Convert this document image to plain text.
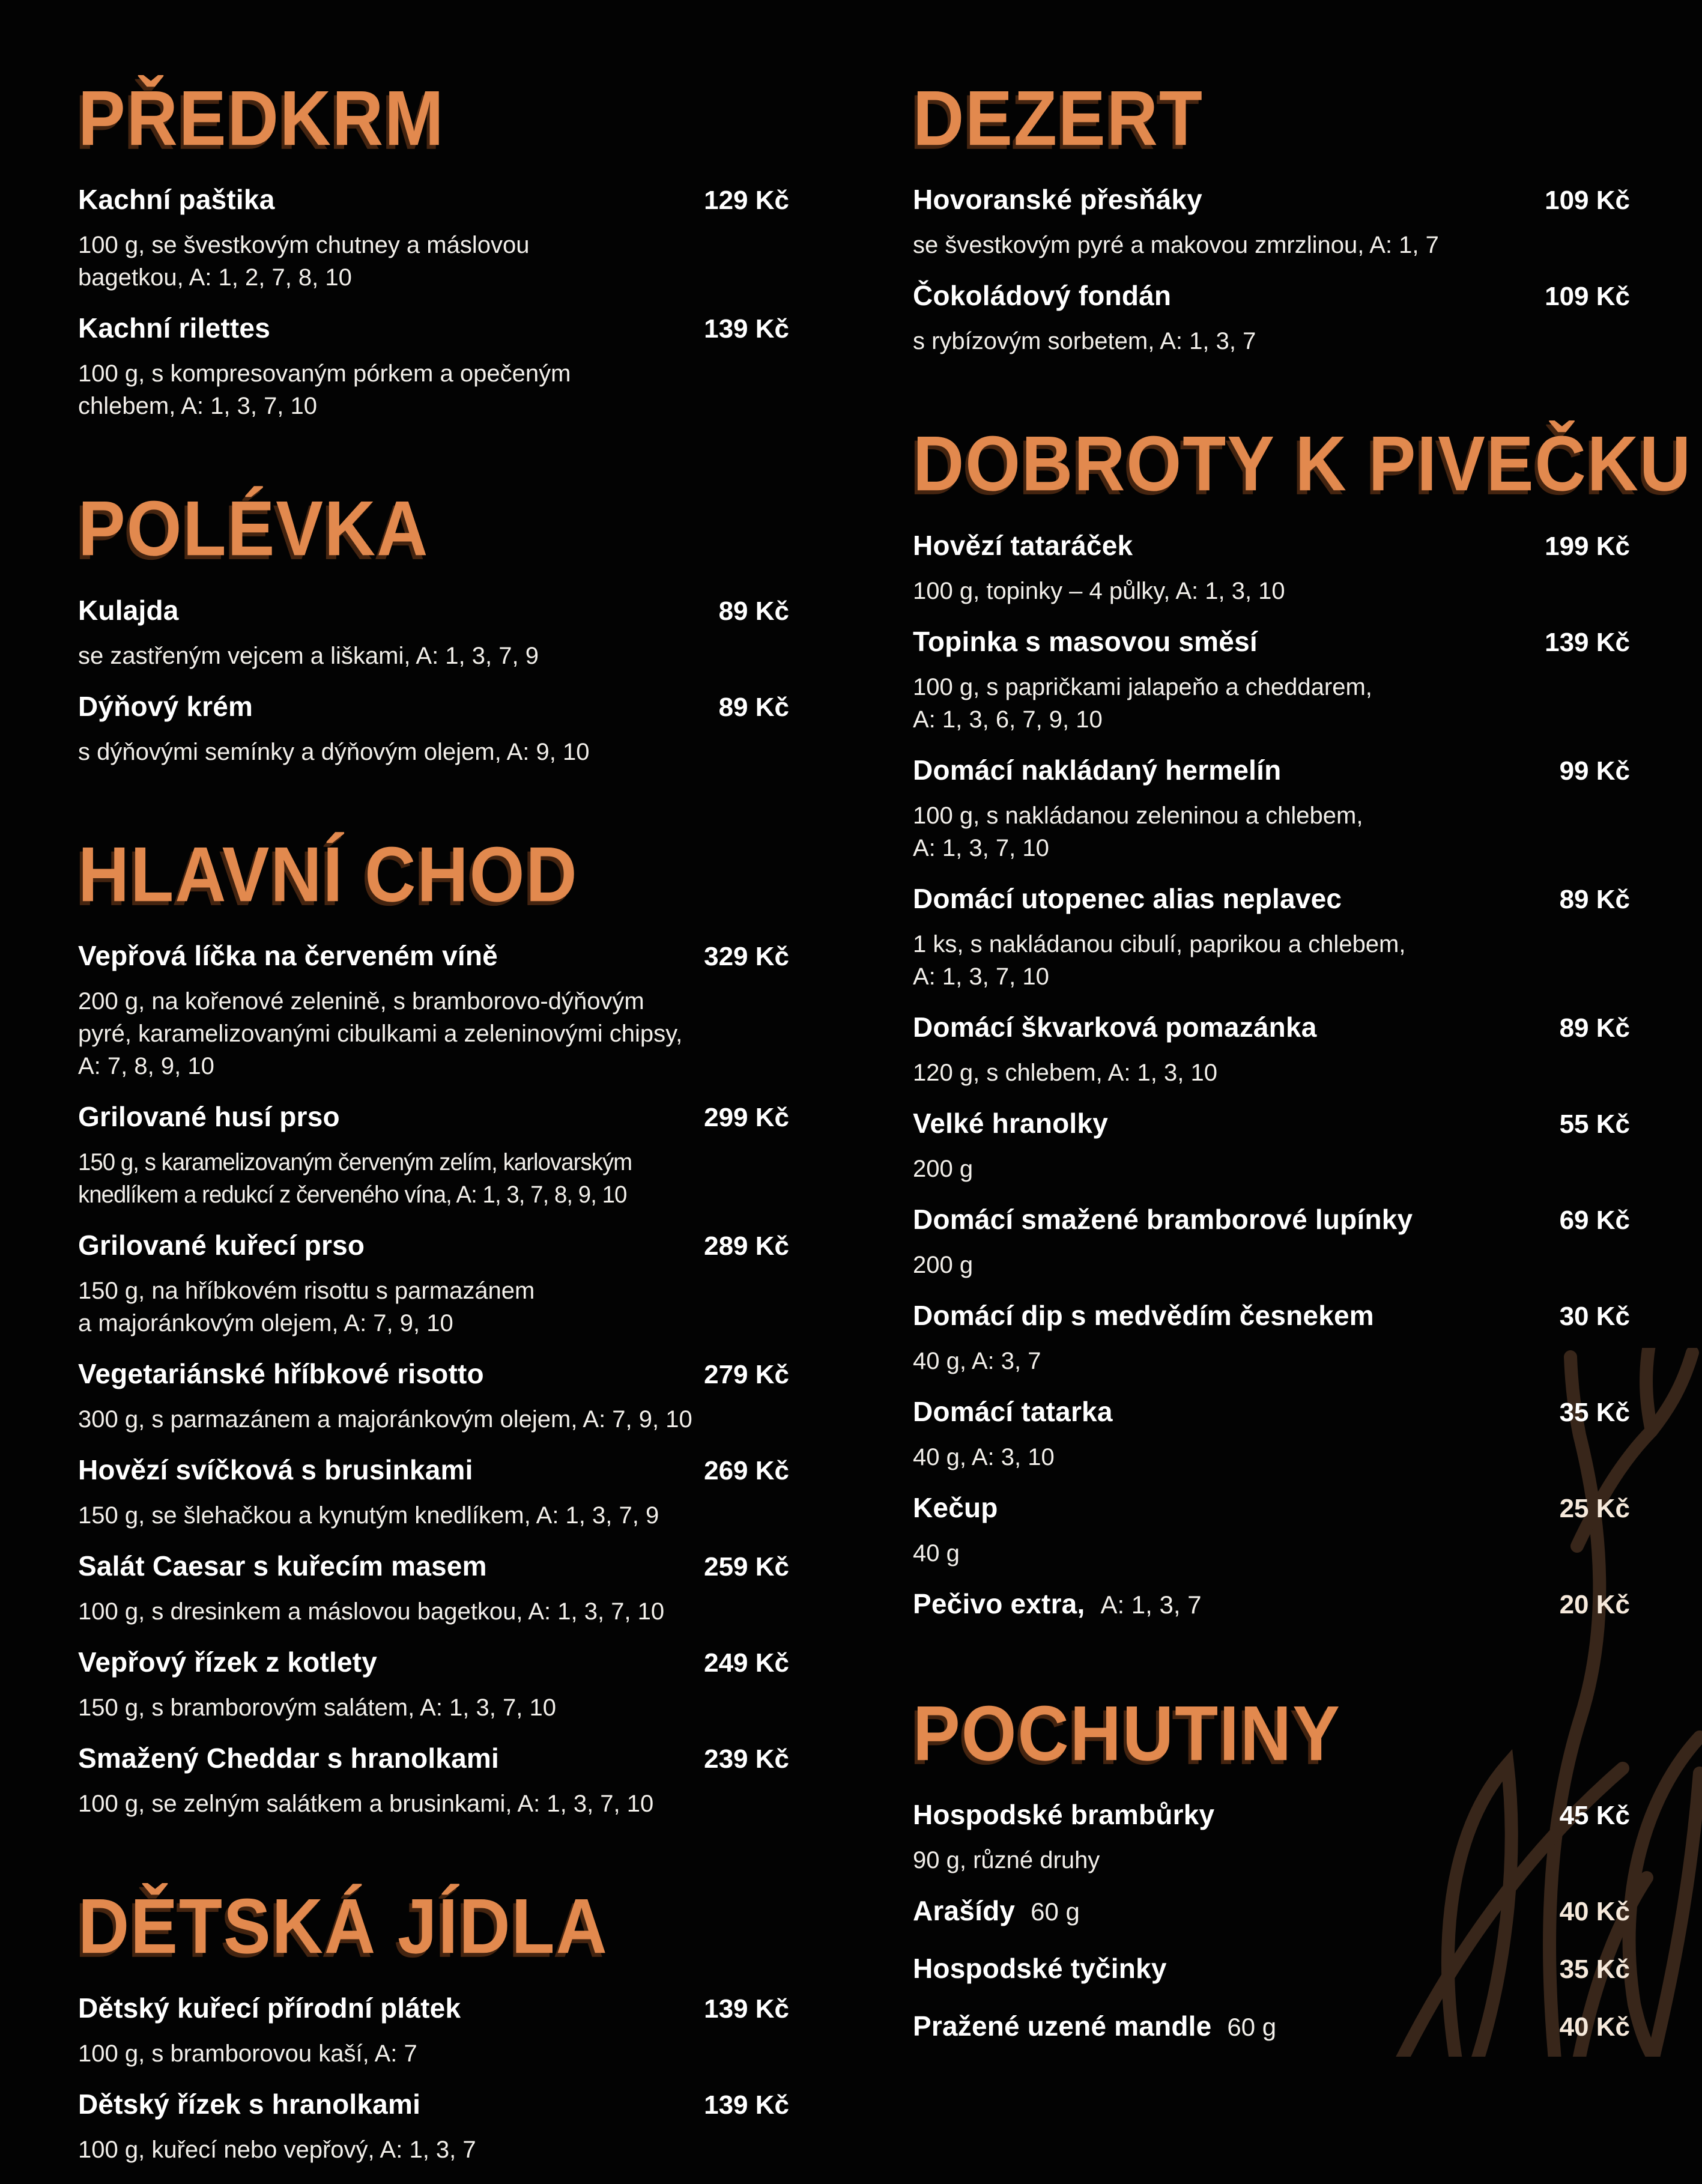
PŘEDKRM
Kachní paštika	129 Kč
100 g, se švestkovým chutney a máslovou
bagetkou, A: 1, 2, 7, 8, 10
Kachní rilettes	139 Kč
100 g, s kompresovaným pórkem a opečeným
chlebem, A: 1, 3, 7, 10
POLÉVKA
Kulajda	89 Kč
se zastřeným vejcem a liškami, A: 1, 3, 7, 9
Dýňový krém	89 Kč
s dýňovými semínky a dýňovým olejem, A: 9, 10
HLAVNÍ CHOD
Vepřová líčka na červeném víně	329 Kč
200 g, na kořenové zelenině, s bramborovo-dýňovým
pyré, karamelizovanými cibulkami a zeleninovými chipsy,
A: 7, 8, 9, 10
Grilované husí prso	299 Kč
150 g, s karamelizovaným červeným zelím, karlovarským
knedlíkem a redukcí z červeného vína, A: 1, 3, 7, 8, 9, 10
Grilované kuřecí prso	289 Kč
150 g, na hříbkovém risottu s parmazánem
a majoránkovým olejem, A: 7, 9, 10
Vegetariánské hříbkové risotto	279 Kč
300 g, s parmazánem a majoránkovým olejem, A: 7, 9, 10
Hovězí svíčková s brusinkami	269 Kč
150 g, se šlehačkou a kynutým knedlíkem, A: 1, 3, 7, 9
Salát Caesar s kuřecím masem	259 Kč
100 g, s dresinkem a máslovou bagetkou, A: 1, 3, 7, 10
Vepřový řízek z kotlety	249 Kč
150 g, s bramborovým salátem, A: 1, 3, 7, 10
Smažený Cheddar s hranolkami	239 Kč
100 g, se zelným salátkem a brusinkami, A: 1, 3, 7, 10
DĚTSKÁ JÍDLA
Dětský kuřecí přírodní plátek	139 Kč
100 g, s bramborovou kaší, A: 7
Dětský řízek s hranolkami	139 Kč
100 g, kuřecí nebo vepřový, A: 1, 3, 7
DEZERT
Hovoranské přesňáky	109 Kč
se švestkovým pyré a makovou zmrzlinou, A: 1, 7
Čokoládový fondán	109 Kč
s rybízovým sorbetem, A: 1, 3, 7
DOBROTY K PIVEČKU
Hovězí tataráček	199 Kč
100 g, topinky – 4 půlky, A: 1, 3, 10
Topinka s masovou směsí	139 Kč
100 g, s papričkami jalapeňo a cheddarem,
A: 1, 3, 6, 7, 9, 10
Domácí nakládaný hermelín	99 Kč
100 g, s nakládanou zeleninou a chlebem,
A: 1, 3, 7, 10
Domácí utopenec alias neplavec	89 Kč
1 ks, s nakládanou cibulí, paprikou a chlebem,
A: 1, 3, 7, 10
Domácí škvarková pomazánka	89 Kč
120 g, s chlebem, A: 1, 3, 10
Velké hranolky	55 Kč
200 g
Domácí smažené bramborové lupínky	69 Kč
200 g
Domácí dip s medvědím česnekem	30 Kč
40 g, A: 3, 7
Domácí tatarka	35 Kč
40 g, A: 3, 10
Kečup	25 Kč
40 g
Pečivo extra, A: 1, 3, 7	20 Kč
POCHUTINY
Hospodské brambůrky	45 Kč
90 g, různé druhy
Arašídy 60 g	40 Kč
Hospodské tyčinky	35 Kč
Pražené uzené mandle 60 g	40 Kč
